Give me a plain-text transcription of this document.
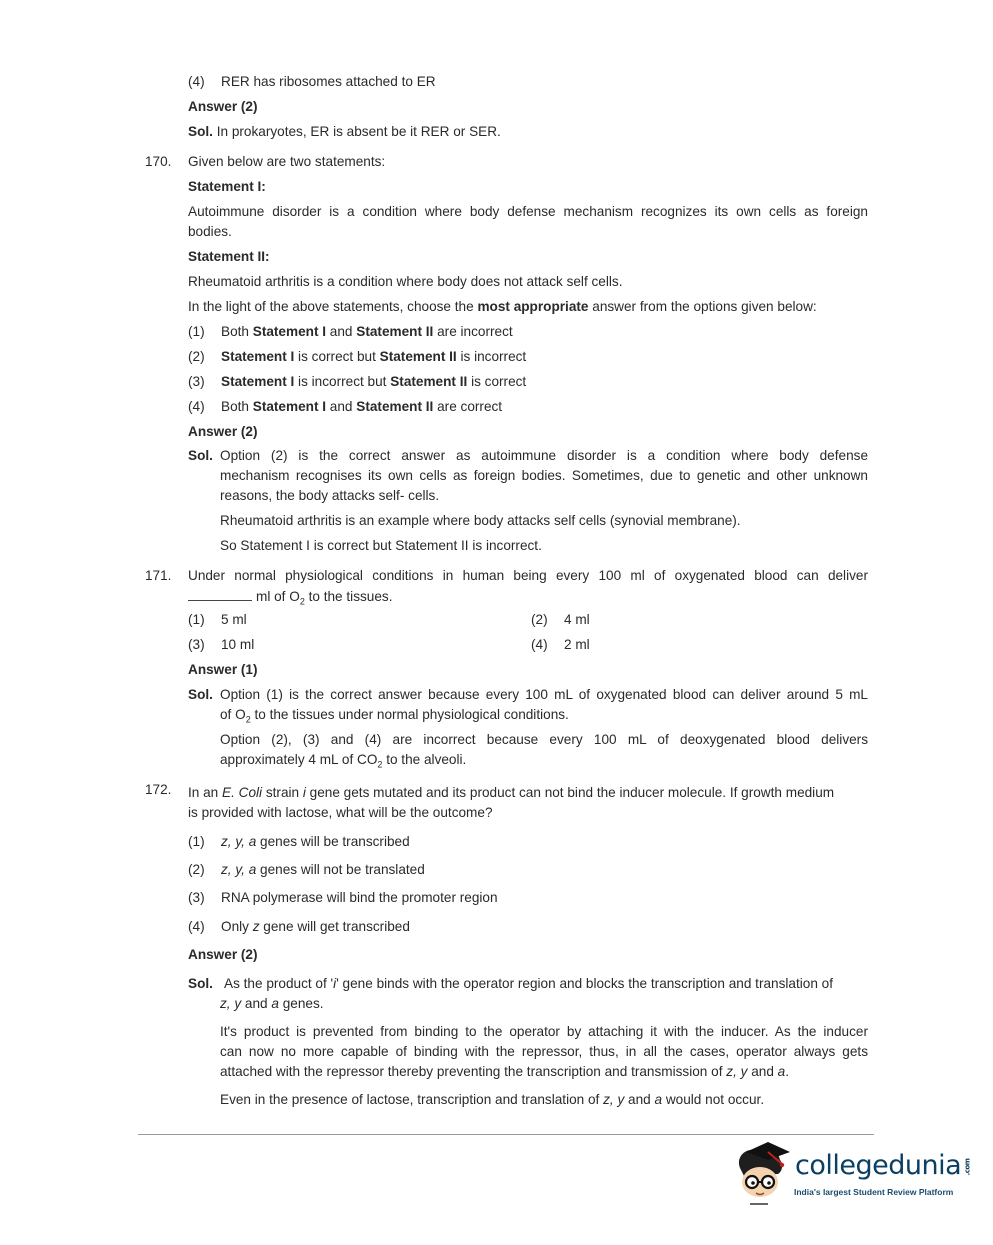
(4) RER has ribosomes attached to ER
Answer (2)
Sol. In prokaryotes, ER is absent be it RER or SER.
170. Given below are two statements:
Statement I:
Autoimmune disorder is a condition where body defense mechanism recognizes its own cells as foreign
bodies.
Statement II:
Rheumatoid arthritis is a condition where body does not attack self cells.
In the light of the above statements, choose the most appropriate answer from the options given below:
(1) Both Statement I and Statement II are incorrect
(2) Statement I is correct but Statement II is incorrect
(3) Statement I is incorrect but Statement II is correct
(4) Both Statement I and Statement II are correct
Answer (2)
Sol. Option (2) is the correct answer as autoimmune disorder is a condition where body defense
mechanism recognises its own cells as foreign bodies. Sometimes, due to genetic and other unknown
reasons, the body attacks self- cells.
Rheumatoid arthritis is an example where body attacks self cells (synovial membrane).
So Statement I is correct but Statement II is incorrect.
171. Under normal physiological conditions in human being every 100 ml of oxygenated blood can deliver
ml of $O_2$ to the tissues.
(1) 5 ml	(2) 4 ml
(3) 10 ml	(4) 2 ml
Answer (1)
Sol. Option (1) is the correct answer because every 100 mL of oxygenated blood can deliver around 5 mL
of $O_2$ to the tissues under normal physiological conditions.
Option (2), (3) and (4) are incorrect because every 100 mL of deoxygenated blood delivers
approximately 4 mL of $CO_2$ to the alveoli.
172. In an E. Coli strain i gene gets mutated and its product can not bind the inducer molecule. If growth medium
is provided with lactose, what will be the outcome?
(1) z, y, a genes will be transcribed
(2) z, y, a genes will not be translated
(3) RNA polymerase will bind the promoter region
(4) Only z gene will get transcribed
Answer (2)
Sol. As the product of 'i' gene binds with the operator region and blocks the transcription and translation of
z, y and a genes.
It's product is prevented from binding to the operator by attaching it with the inducer. As the inducer
can now no more capable of binding with the repressor, thus, in all the cases, operator always gets
attached with the repressor thereby preventing the transcription and transmission of z, y and a.
Even in the presence of lactose, transcription and translation of z, y and a would not occur.
collegedunia .com
India's largest Student Review Platform
